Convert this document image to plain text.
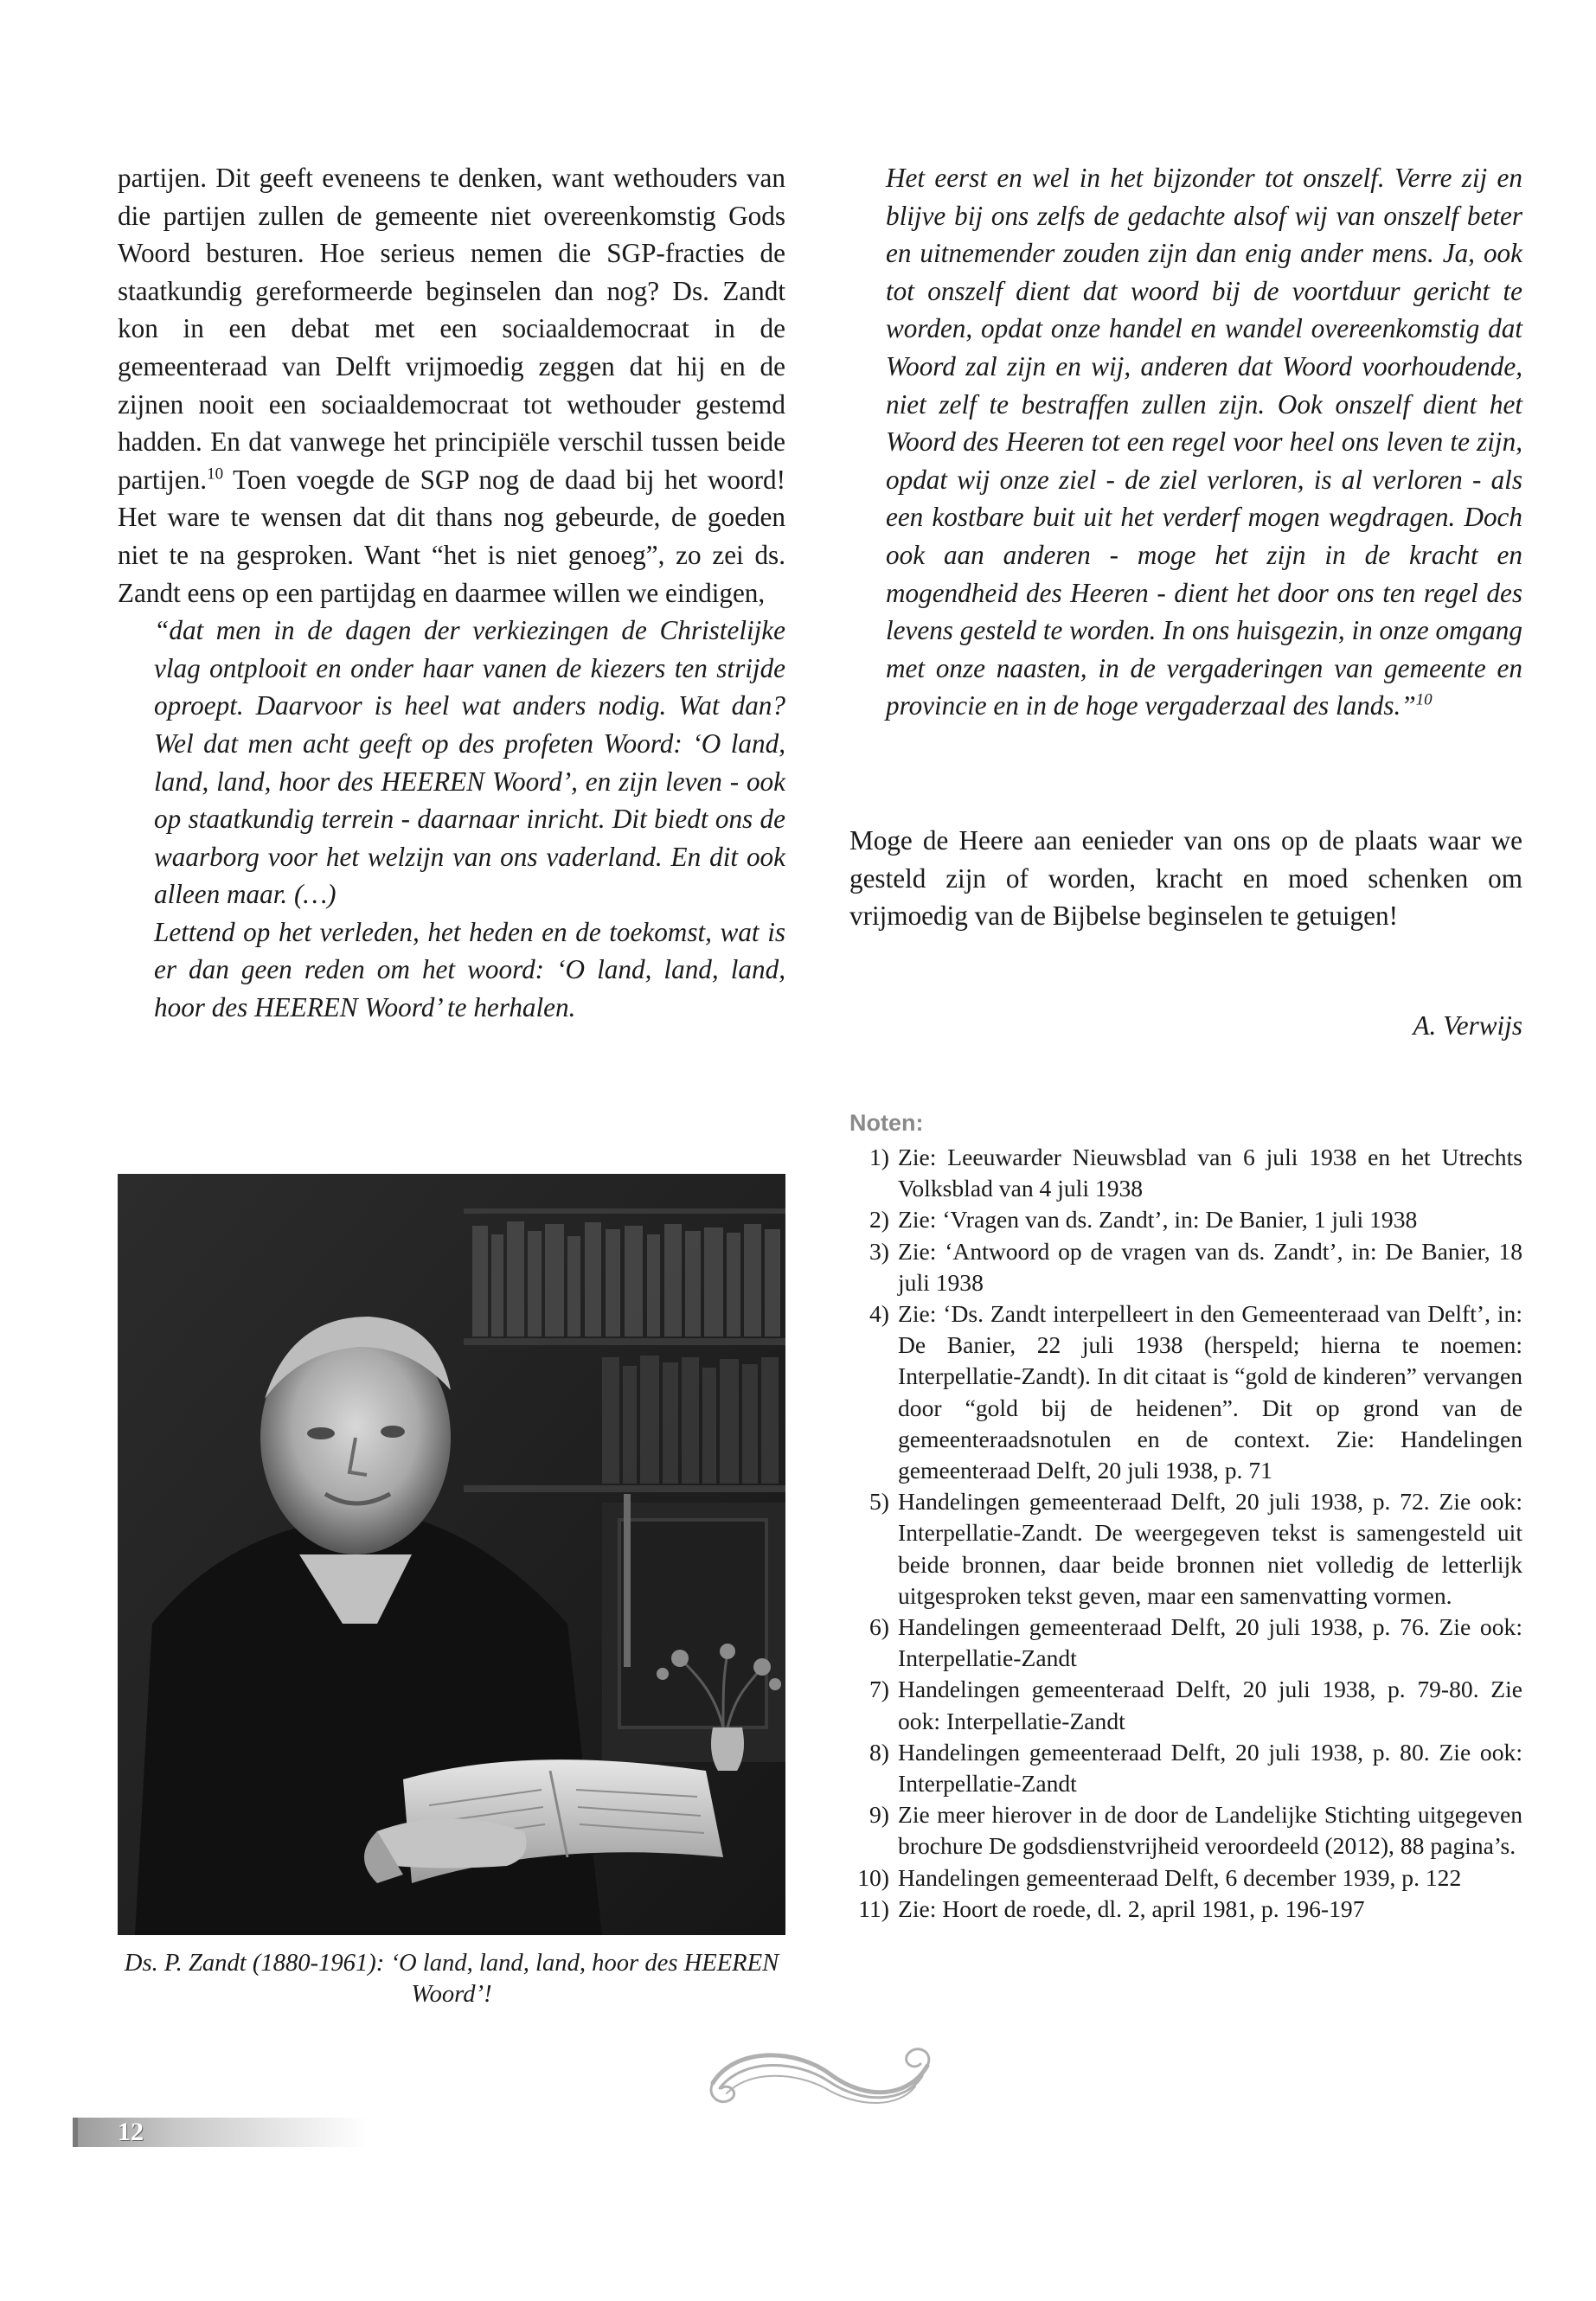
partijen. Dit geeft eveneens te denken, want wethouders van die partijen zullen de gemeente niet overeenkomstig Gods Woord besturen. Hoe serieus nemen die SGP-fracties de staatkundig gereformeerde beginselen dan nog? Ds. Zandt kon in een debat met een sociaaldemocraat in de gemeenteraad van Delft vrijmoedig zeggen dat hij en de zijnen nooit een sociaaldemocraat tot wethouder gestemd hadden. En dat vanwege het principiële verschil tussen beide partijen.$^{10}$ Toen voegde de SGP nog de daad bij het woord! Het ware te wensen dat dit thans nog gebeurde, de goeden niet te na gesproken. Want “het is niet genoeg”, zo zei ds. Zandt eens op een partijdag en daarmee willen we eindigen,

“dat men in de dagen der verkiezingen de Christelijke vlag ontplooit en onder haar vanen de kiezers ten strijde oproept. Daarvoor is heel wat anders nodig. Wat dan? Wel dat men acht geeft op des profeten Woord: ‘O land, land, land, hoor des HEEREN Woord’, en zijn leven - ook op staatkundig terrein - daarnaar inricht. Dit biedt ons de waarborg voor het welzijn van ons vaderland. En dit ook alleen maar. (…)

Lettend op het verleden, het heden en de toekomst, wat is er dan geen reden om het woord: ‘O land, land, land, hoor des HEEREN Woord’ te herhalen.

Ds. P. Zandt (1880-1961): ‘O land, land, land, hoor des HEEREN Woord’!

Het eerst en wel in het bijzonder tot onszelf. Verre zij en blijve bij ons zelfs de gedachte alsof wij van onszelf beter en uitnemender zouden zijn dan enig ander mens. Ja, ook tot onszelf dient dat woord bij de voortduur gericht te worden, opdat onze handel en wandel overeenkomstig dat Woord zal zijn en wij, anderen dat Woord voorhoudende, niet zelf te bestraffen zullen zijn. Ook onszelf dient het Woord des Heeren tot een regel voor heel ons leven te zijn, opdat wij onze ziel - de ziel verloren, is al verloren - als een kostbare buit uit het verderf mogen wegdragen. Doch ook aan anderen - moge het zijn in de kracht en mogendheid des Heeren - dient het door ons ten regel des levens gesteld te worden. In ons huisgezin, in onze omgang met onze naasten, in de vergaderingen van gemeente en provincie en in de hoge vergaderzaal des lands.”$^{10}$

Moge de Heere aan eenieder van ons op de plaats waar we gesteld zijn of worden, kracht en moed schenken om vrijmoedig van de Bijbelse beginselen te getuigen!

A. Verwijs
Noten:
1) Zie: Leeuwarder Nieuwsblad van 6 juli 1938 en het Utrechts Volksblad van 4 juli 1938
2) Zie: ‘Vragen van ds. Zandt’, in: De Banier, 1 juli 1938
3) Zie: ‘Antwoord op de vragen van ds. Zandt’, in: De Banier, 18 juli 1938
4) Zie: ‘Ds. Zandt interpelleert in den Gemeenteraad van Delft’, in: De Banier, 22 juli 1938 (herspeld; hierna te noemen: Interpellatie-Zandt). In dit citaat is “gold de kinderen” vervangen door “gold bij de heidenen”. Dit op grond van de gemeenteraadsnotulen en de context. Zie: Handelingen gemeenteraad Delft, 20 juli 1938, p. 71
5) Handelingen gemeenteraad Delft, 20 juli 1938, p. 72. Zie ook: Interpellatie-Zandt. De weergegeven tekst is samengesteld uit beide bronnen, daar beide bronnen niet volledig de letterlijk uitgesproken tekst geven, maar een samenvatting vormen.
6) Handelingen gemeenteraad Delft, 20 juli 1938, p. 76. Zie ook: Interpellatie-Zandt
7) Handelingen gemeenteraad Delft, 20 juli 1938, p. 79-80. Zie ook: Interpellatie-Zandt
8) Handelingen gemeenteraad Delft, 20 juli 1938, p. 80. Zie ook: Interpellatie-Zandt
9) Zie meer hierover in de door de Landelijke Stichting uitgegeven brochure De godsdienstvrijheid veroordeeld (2012), 88 pagina’s.
10) Handelingen gemeenteraad Delft, 6 december 1939, p. 122
11) Zie: Hoort de roede, dl. 2, april 1981, p. 196-197
12
